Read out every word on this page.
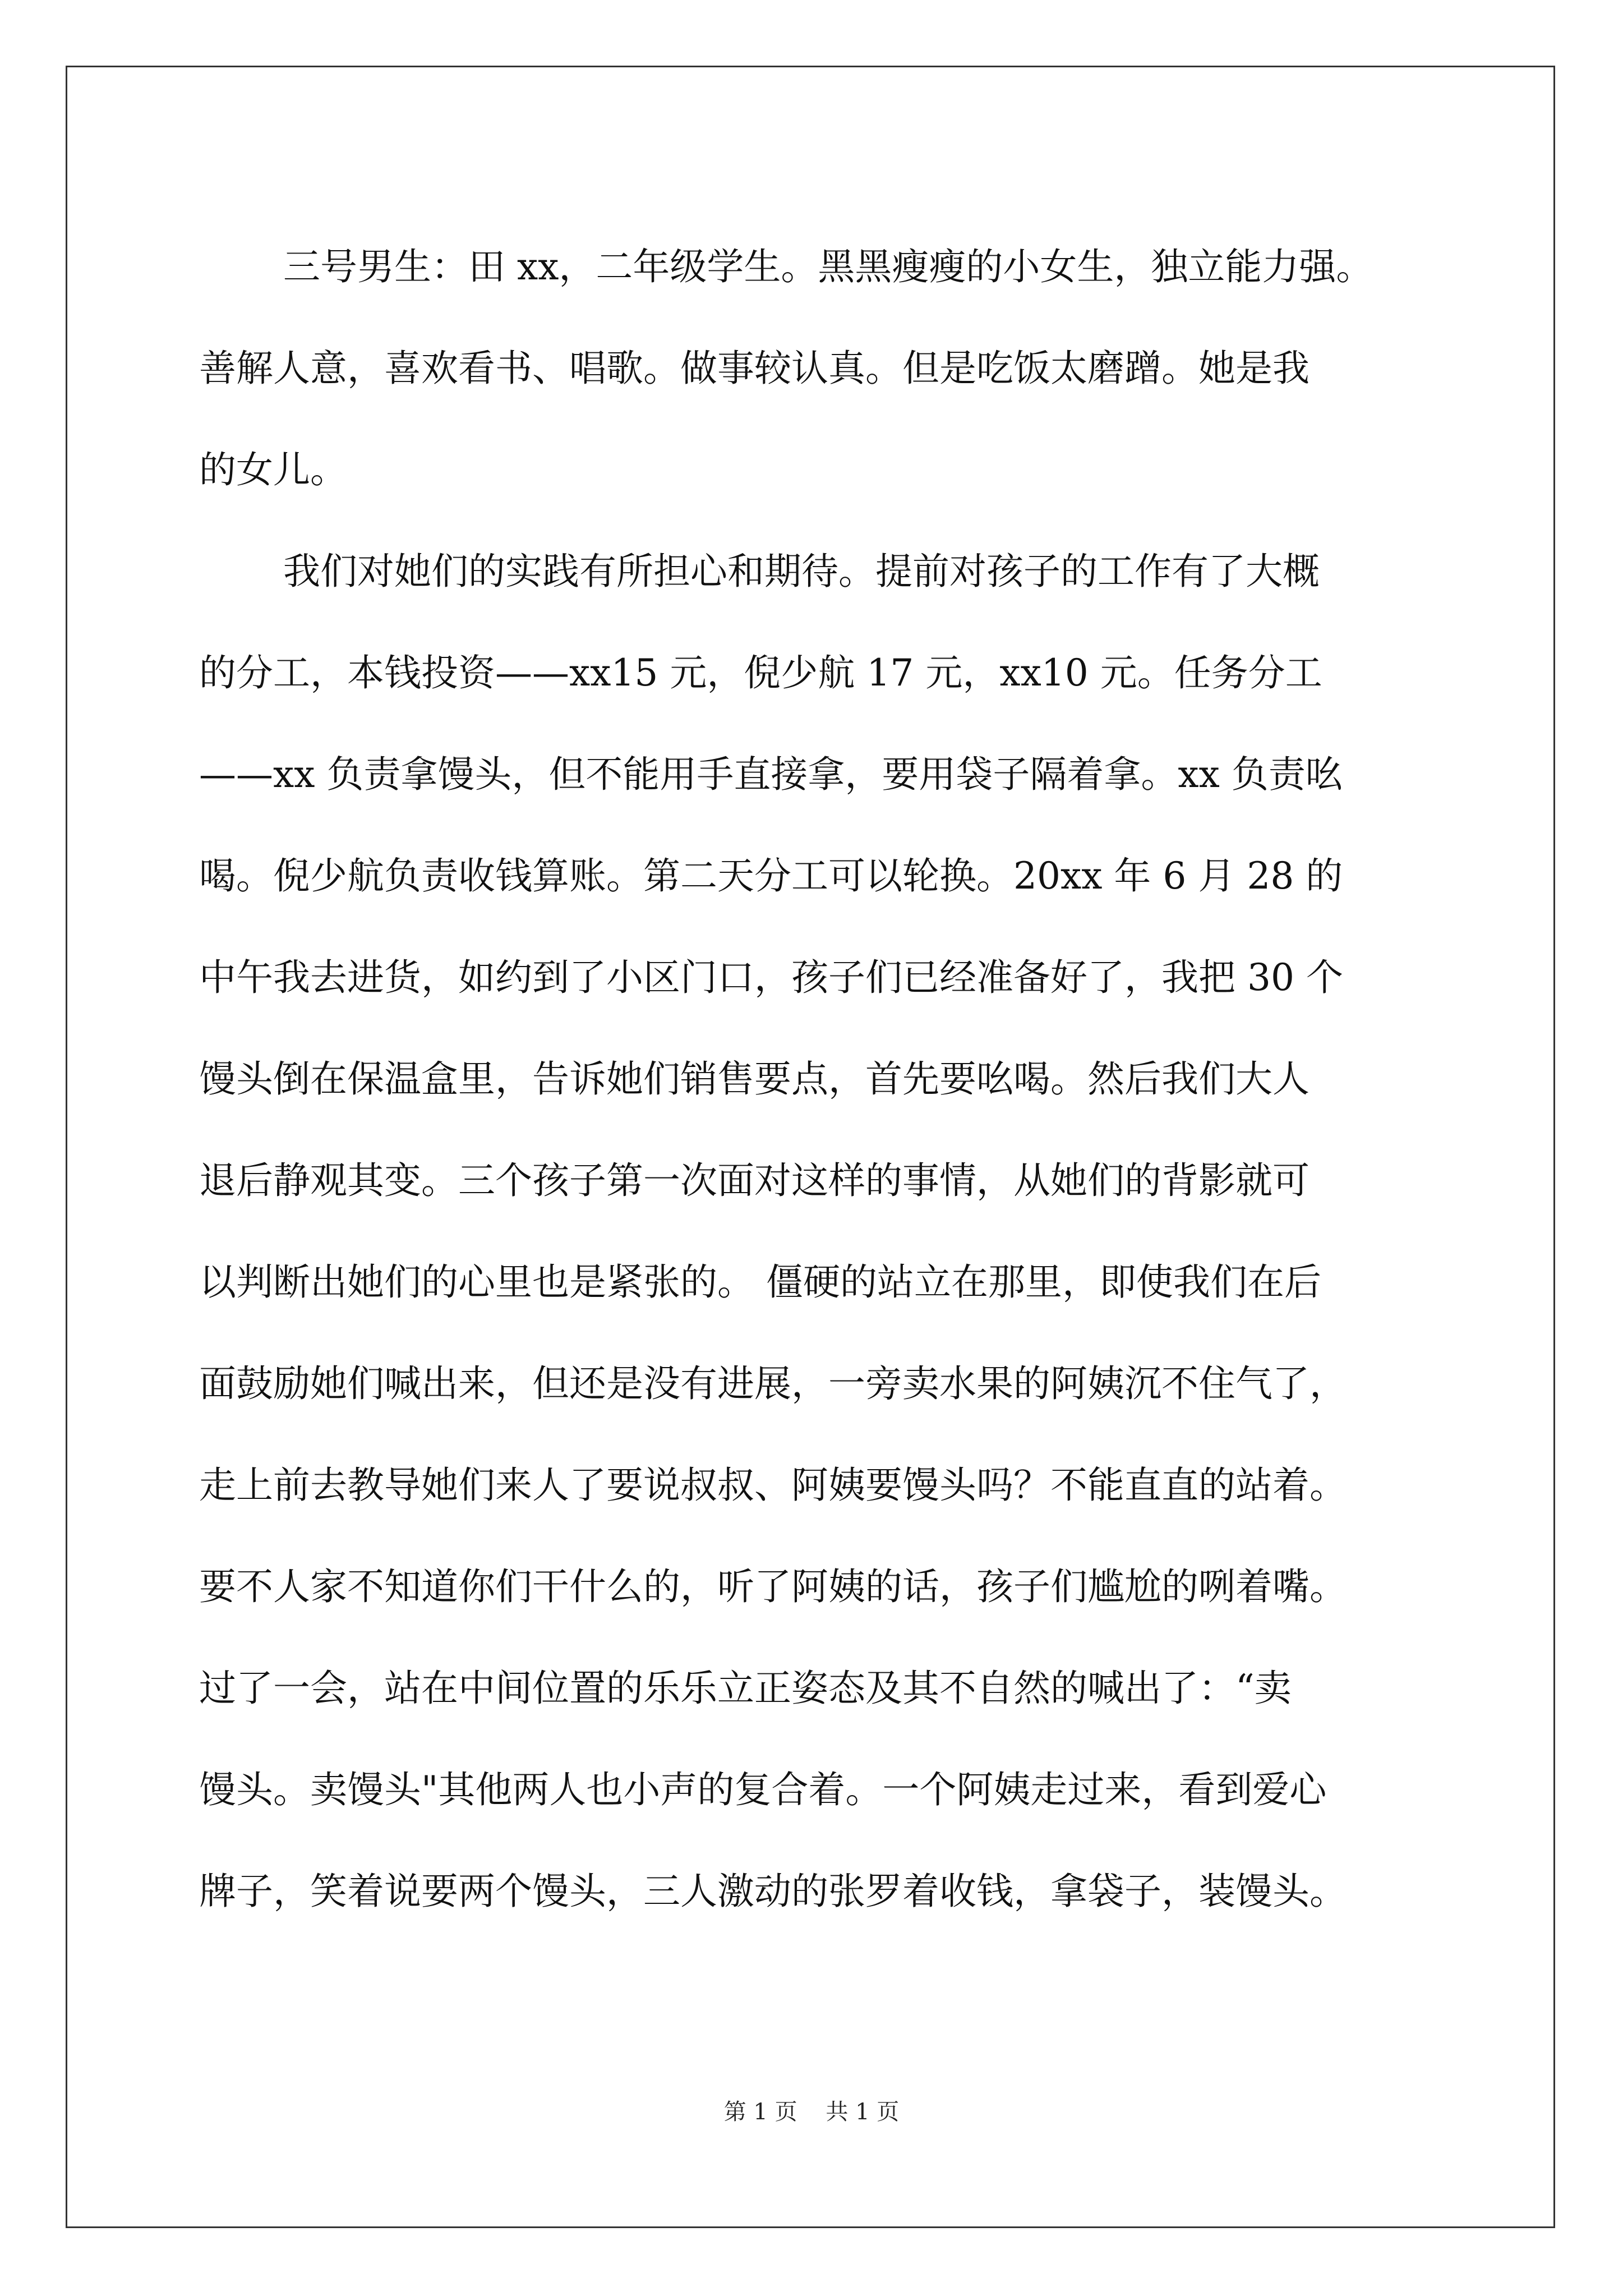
三号男生：田 xx，二年级学生。黑黑瘦瘦的小女生，独立能力强。
善解人意，喜欢看书、唱歌。做事较认真。但是吃饭太磨蹭。她是我
的女儿。
我们对她们的实践有所担心和期待。提前对孩子的工作有了大概
的分工，本钱投资——xx15 元，倪少航 17 元，xx10 元。任务分工
——xx 负责拿馒头，但不能用手直接拿，要用袋子隔着拿。xx 负责吆
喝。倪少航负责收钱算账。第二天分工可以轮换。20xx 年 6 月 28 的
中午我去进货，如约到了小区门口，孩子们已经准备好了，我把 30 个
馒头倒在保温盒里，告诉她们销售要点，首先要吆喝。然后我们大人
退后静观其变。三个孩子第一次面对这样的事情，从她们的背影就可
以判断出她们的心里也是紧张的。 僵硬的站立在那里，即使我们在后
面鼓励她们喊出来，但还是没有进展，一旁卖水果的阿姨沉不住气了，
走上前去教导她们来人了要说叔叔、阿姨要馒头吗？不能直直的站着。
要不人家不知道你们干什么的，听了阿姨的话，孩子们尴尬的咧着嘴。
过了一会，站在中间位置的乐乐立正姿态及其不自然的喊出了：“卖
馒头。卖馒头"其他两人也小声的复合着。一个阿姨走过来，看到爱心
牌子，笑着说要两个馒头，三人激动的张罗着收钱，拿袋子，装馒头。
第 1 页    共 1 页
